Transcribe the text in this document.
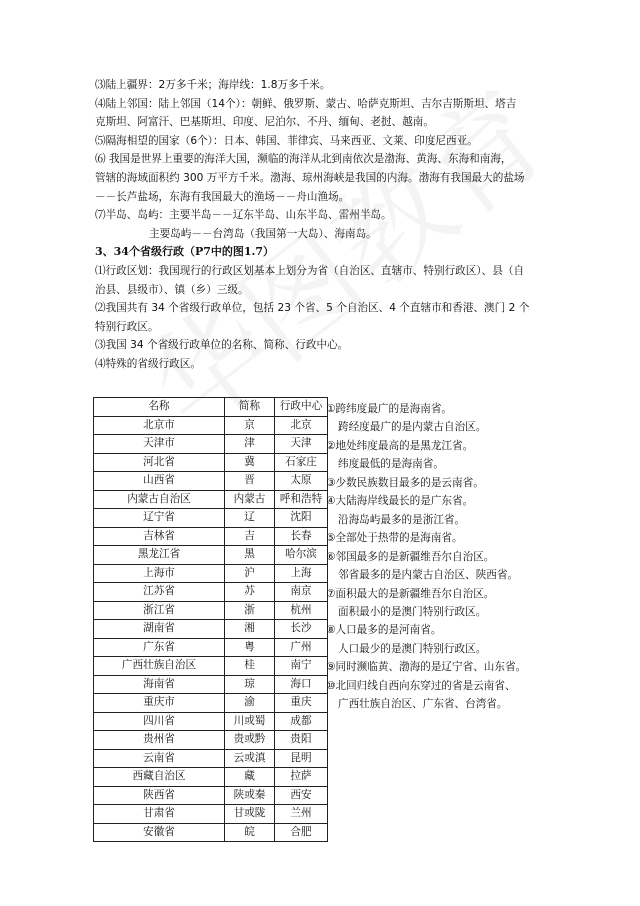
⑶陆上疆界：2万多千米；海岸线：1.8万多千米。
⑷陆上邻国：陆上邻国（14个）：朝鲜、俄罗斯、蒙古、哈萨克斯坦、吉尔吉斯斯坦、塔吉
克斯坦、阿富汗、巴基斯坦、印度、尼泊尔、不丹、缅甸、老挝、越南。
⑸隔海相望的国家（6个）：日本、韩国、菲律宾、马来西亚、文莱、印度尼西亚。
⑹ 我国是世界上重要的海洋大国，濒临的海洋从北到南依次是渤海、黄海、东海和南海，
管辖的海域面积约 300 万平方千米。渤海、琼州海峡是我国的内海。渤海有我国最大的盐场
－－长芦盐场，东海有我国最大的渔场－－舟山渔场。
⑺半岛、岛屿：主要半岛－－辽东半岛、山东半岛、雷州半岛。
主要岛屿－－台湾岛（我国第一大岛）、海南岛。
3、34个省级行政（P7中的图1.7）
⑴行政区划：我国现行的行政区划基本上划分为省（自治区、直辖市、特别行政区）、县（自
治县、县级市）、镇（乡）三级。
⑵我国共有 34 个省级行政单位，包括 23 个省、5 个自治区、4 个直辖市和香港、澳门 2 个
特别行政区。
⑶我国 34 个省级行政单位的名称、简称、行政中心。
⑷特殊的省级行政区。
名称	简称	行政中心
北京市	京	北京
天津市	津	天津
河北省	冀	石家庄
山西省	晋	太原
内蒙古自治区	内蒙古	呼和浩特
辽宁省	辽	沈阳
吉林省	吉	长春
黑龙江省	黑	哈尔滨
上海市	沪	上海
江苏省	苏	南京
浙江省	浙	杭州
湖南省	湘	长沙
广东省	粤	广州
广西壮族自治区	桂	南宁
海南省	琼	海口
重庆市	渝	重庆
四川省	川或蜀	成都
贵州省	贵或黔	贵阳
云南省	云或滇	昆明
西藏自治区	藏	拉萨
陕西省	陕或秦	西安
甘肃省	甘或陇	兰州
安徽省	皖	合肥
①跨纬度最广的是海南省。
跨经度最广的是内蒙古自治区。
②地处纬度最高的是黑龙江省。
纬度最低的是海南省。
③少数民族数目最多的是云南省。
④大陆海岸线最长的是广东省。
沿海岛屿最多的是浙江省。
⑤全部处于热带的是海南省。
⑥邻国最多的是新疆维吾尔自治区。
邻省最多的是内蒙古自治区、陕西省。
⑦面积最大的是新疆维吾尔自治区。
面积最小的是澳门特别行政区。
⑧人口最多的是河南省。
人口最少的是澳门特别行政区。
⑨同时濒临黄、渤海的是辽宁省、山东省。
⑩北回归线自西向东穿过的省是云南省、
广西壮族自治区、广东省、台湾省。
